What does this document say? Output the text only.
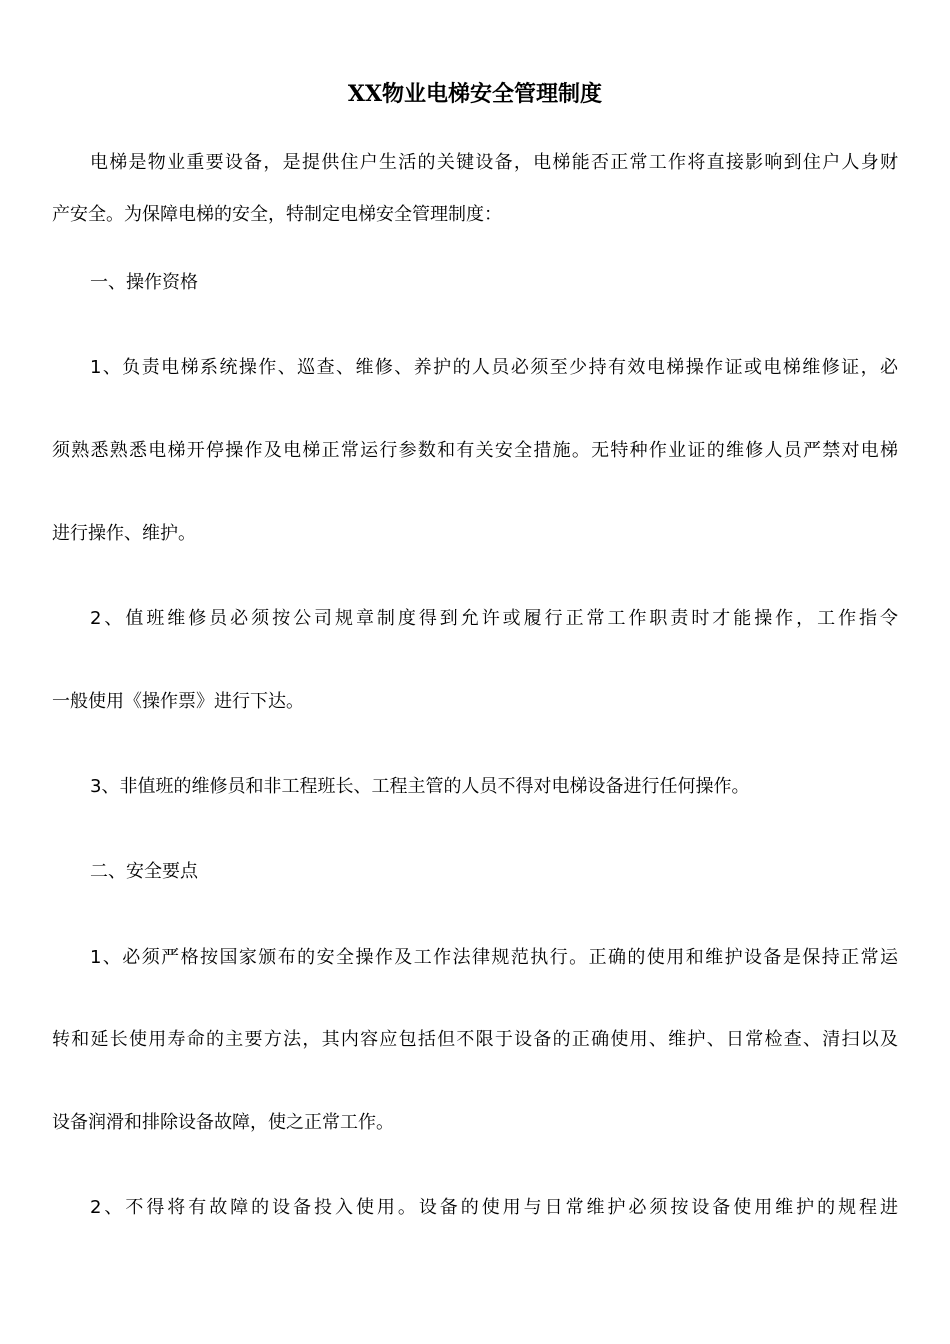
XX物业电梯安全管理制度
电梯是物业重要设备，是提供住户生活的关键设备，电梯能否正常工作将直接影响到住户人身财
产安全。为保障电梯的安全，特制定电梯安全管理制度：
一、操作资格
1、负责电梯系统操作、巡查、维修、养护的人员必须至少持有效电梯操作证或电梯维修证，必
须熟悉熟悉电梯开停操作及电梯正常运行参数和有关安全措施。无特种作业证的维修人员严禁对电梯
进行操作、维护。
2、值班维修员必须按公司规章制度得到允许或履行正常工作职责时才能操作，工作指令
一般使用《操作票》进行下达。
3、非值班的维修员和非工程班长、工程主管的人员不得对电梯设备进行任何操作。
二、安全要点
1、必须严格按国家颁布的安全操作及工作法律规范执行。正确的使用和维护设备是保持正常运
转和延长使用寿命的主要方法，其内容应包括但不限于设备的正确使用、维护、日常检查、清扫以及
设备润滑和排除设备故障，使之正常工作。
2、不得将有故障的设备投入使用。设备的使用与日常维护必须按设备使用维护的规程进
